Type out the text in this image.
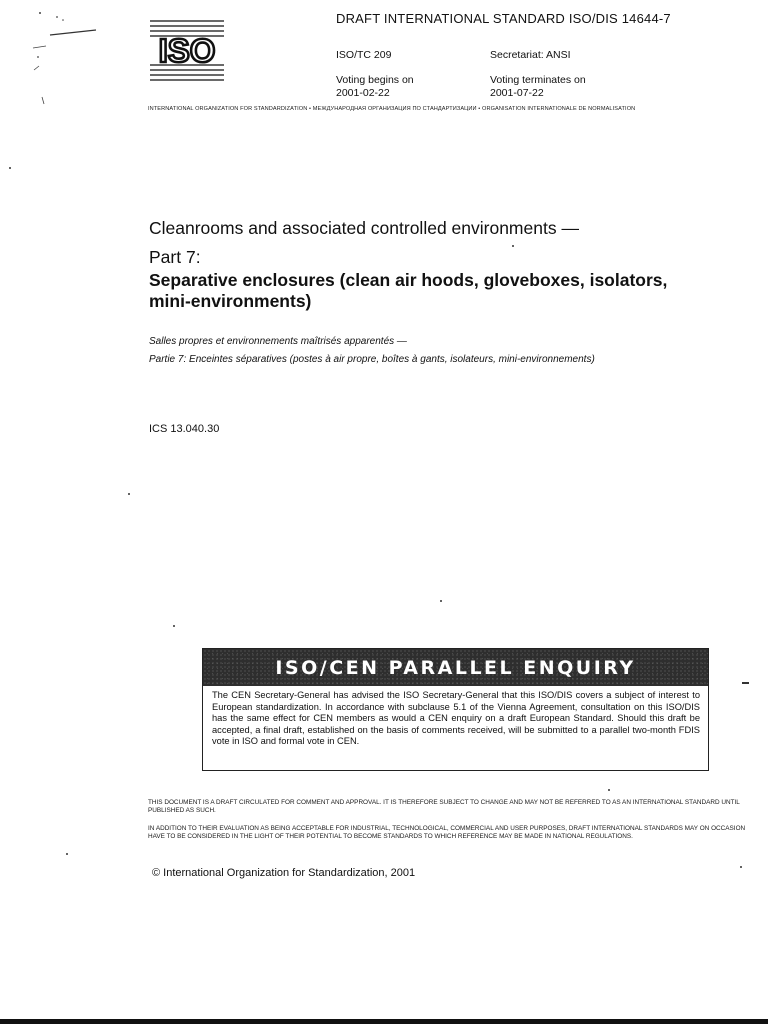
ISO
DRAFT INTERNATIONAL STANDARD ISO/DIS 14644-7
ISO/TC 209	Secretariat: ANSI
Voting begins on
2001-02-22
Voting terminates on
2001-07-22
INTERNATIONAL ORGANIZATION FOR STANDARDIZATION • МЕЖДУНАРОДНАЯ ОРГАНИЗАЦИЯ ПО СТАНДАРТИЗАЦИИ • ORGANISATION INTERNATIONALE DE NORMALISATION
Cleanrooms and associated controlled environments —
Part 7:
Separative enclosures (clean air hoods, gloveboxes, isolators, mini-environments)
Salles propres et environnements maîtrisés apparentés —
Partie 7: Enceintes séparatives (postes à air propre, boîtes à gants, isolateurs, mini-environnements)
ICS 13.040.30
ISO/CEN PARALLEL ENQUIRY
The CEN Secretary-General has advised the ISO Secretary-General that this ISO/DIS covers a subject of interest to European standardization. In accordance with subclause 5.1 of the Vienna Agreement, consultation on this ISO/DIS has the same effect for CEN members as would a CEN enquiry on a draft European Standard. Should this draft be accepted, a final draft, established on the basis of comments received, will be submitted to a parallel two-month FDIS vote in ISO and formal vote in CEN.
THIS DOCUMENT IS A DRAFT CIRCULATED FOR COMMENT AND APPROVAL. IT IS THEREFORE SUBJECT TO CHANGE AND MAY NOT BE REFERRED TO AS AN INTERNATIONAL STANDARD UNTIL PUBLISHED AS SUCH.
IN ADDITION TO THEIR EVALUATION AS BEING ACCEPTABLE FOR INDUSTRIAL, TECHNOLOGICAL, COMMERCIAL AND USER PURPOSES, DRAFT INTERNATIONAL STANDARDS MAY ON OCCASION HAVE TO BE CONSIDERED IN THE LIGHT OF THEIR POTENTIAL TO BECOME STANDARDS TO WHICH REFERENCE MAY BE MADE IN NATIONAL REGULATIONS.
© International Organization for Standardization, 2001
